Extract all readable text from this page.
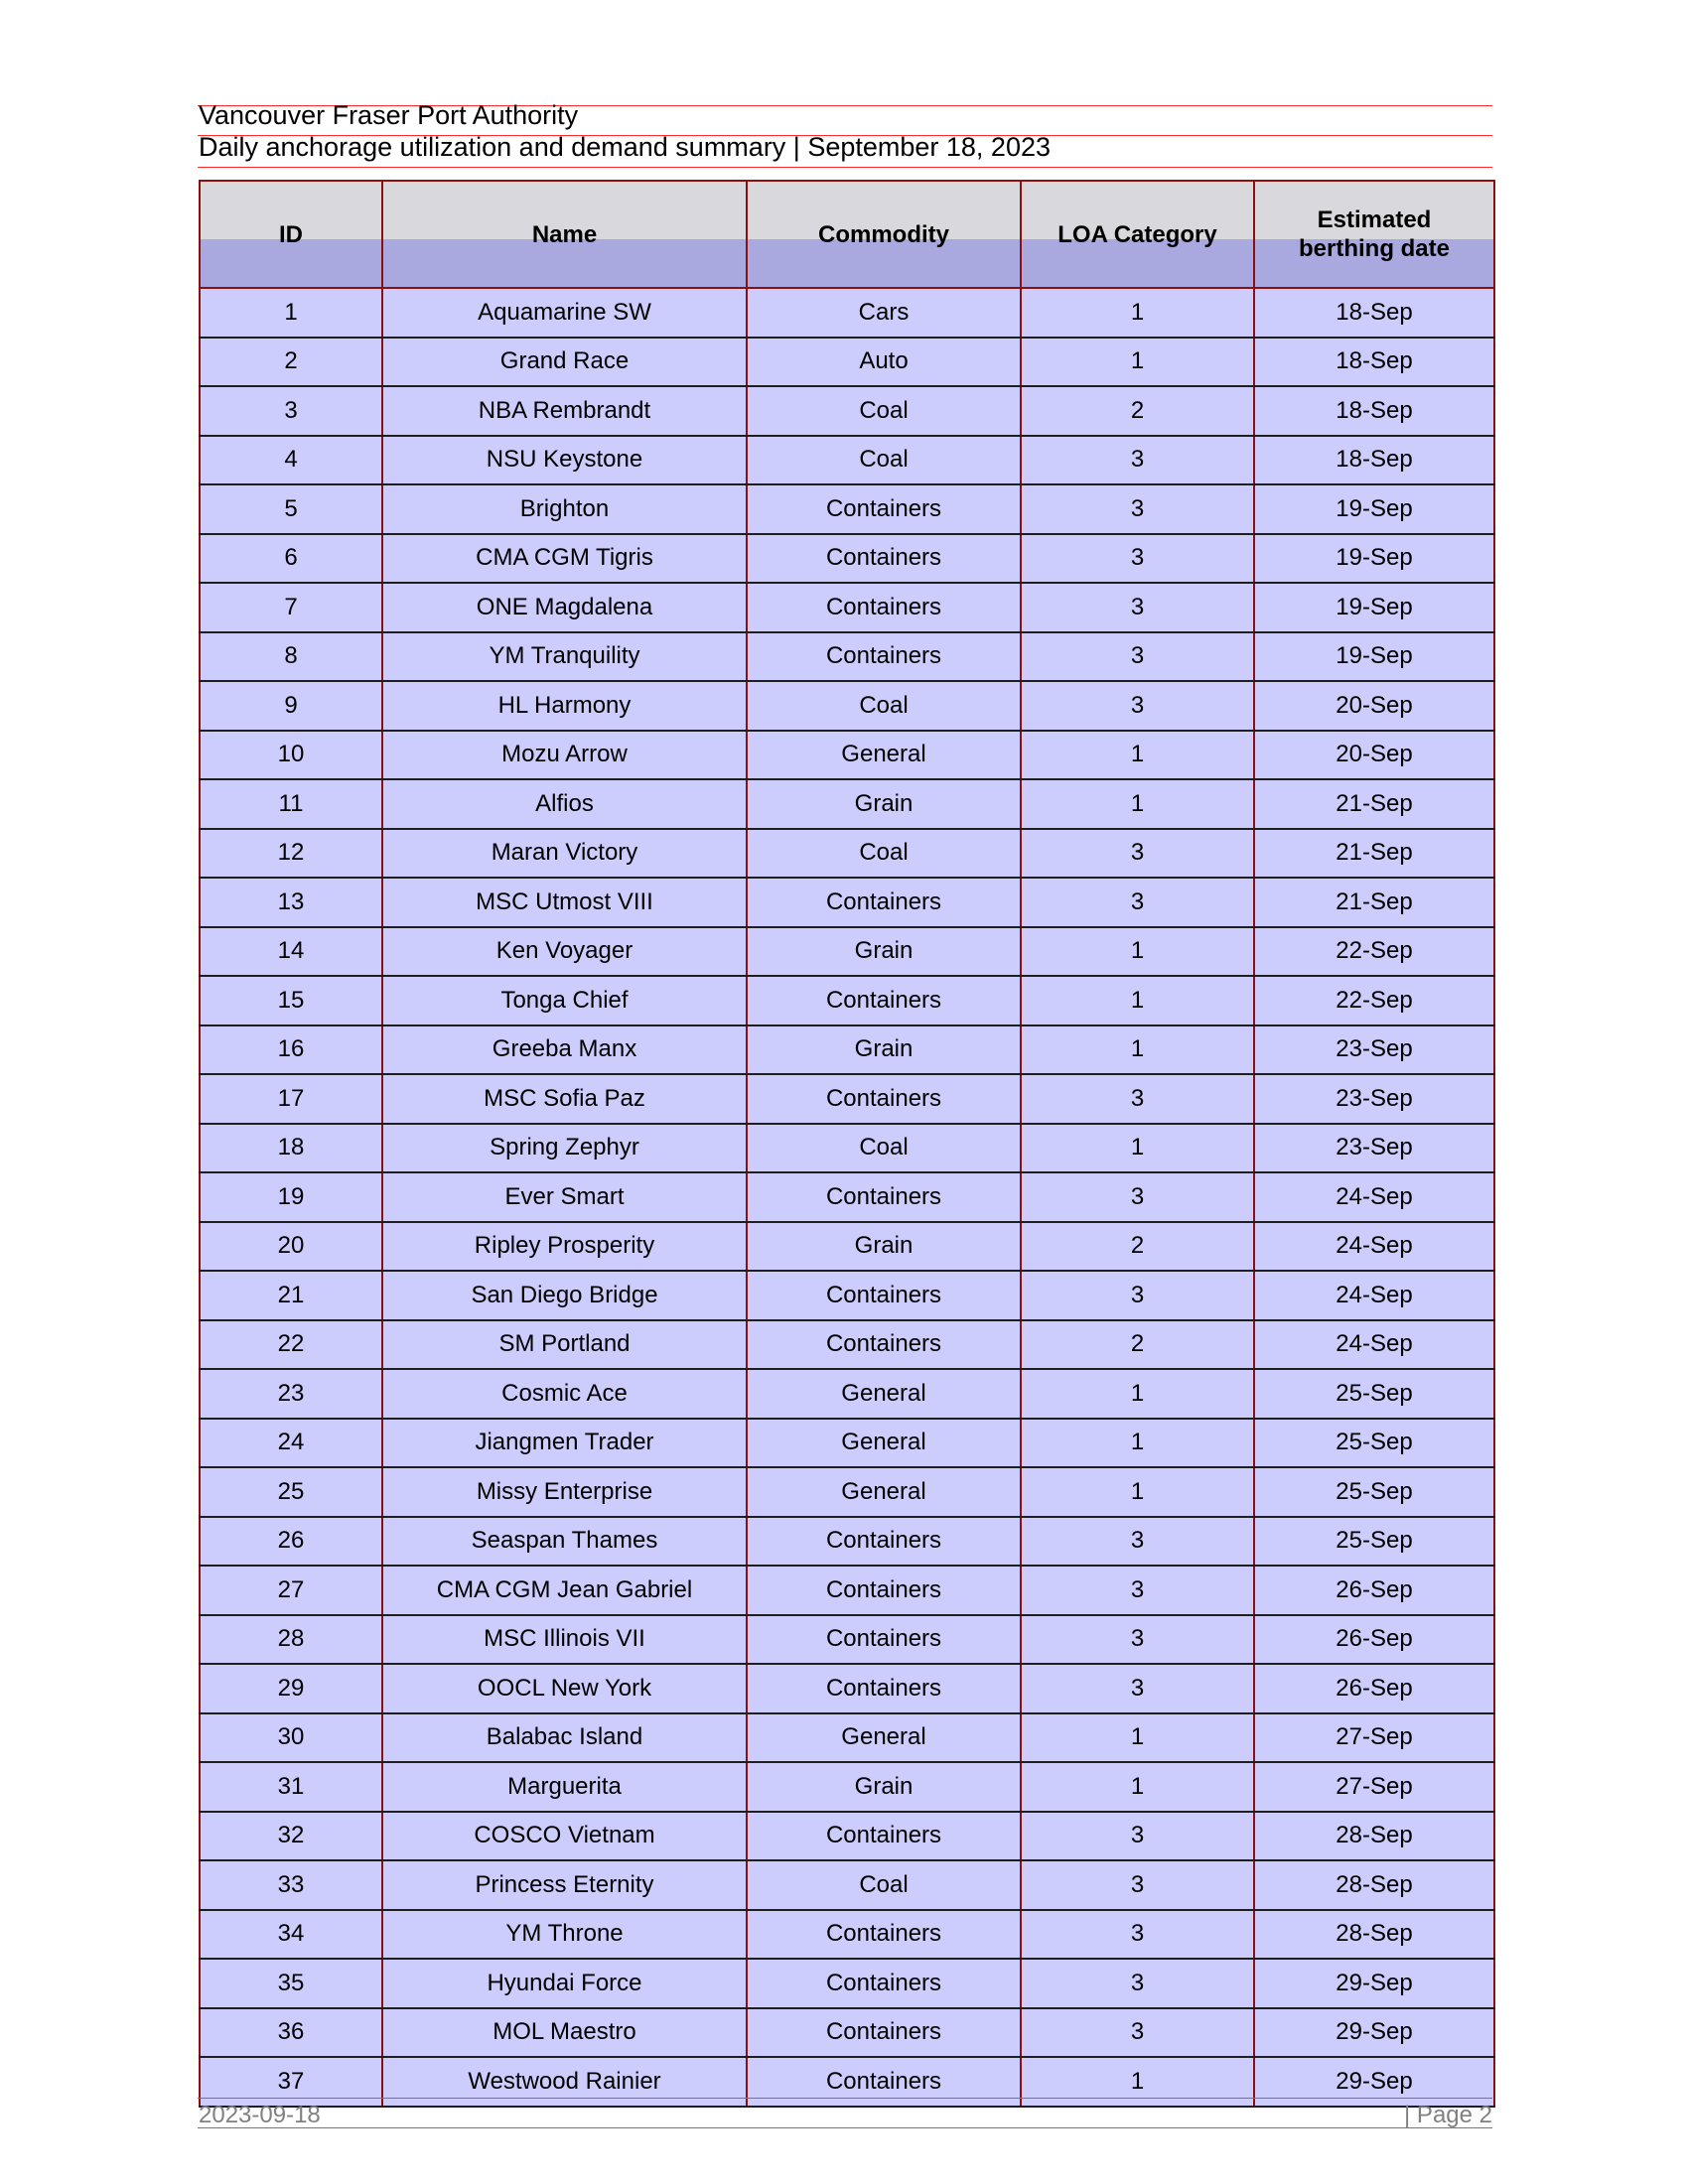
Vancouver Fraser Port Authority
Daily anchorage utilization and demand summary | September 18, 2023
ID	Name	Commodity	LOA Category	Estimated berthing date
1	Aquamarine SW	Cars	1	18-Sep
2	Grand Race	Auto	1	18-Sep
3	NBA Rembrandt	Coal	2	18-Sep
4	NSU Keystone	Coal	3	18-Sep
5	Brighton	Containers	3	19-Sep
6	CMA CGM Tigris	Containers	3	19-Sep
7	ONE Magdalena	Containers	3	19-Sep
8	YM Tranquility	Containers	3	19-Sep
9	HL Harmony	Coal	3	20-Sep
10	Mozu Arrow	General	1	20-Sep
11	Alfios	Grain	1	21-Sep
12	Maran Victory	Coal	3	21-Sep
13	MSC Utmost VIII	Containers	3	21-Sep
14	Ken Voyager	Grain	1	22-Sep
15	Tonga Chief	Containers	1	22-Sep
16	Greeba Manx	Grain	1	23-Sep
17	MSC Sofia Paz	Containers	3	23-Sep
18	Spring Zephyr	Coal	1	23-Sep
19	Ever Smart	Containers	3	24-Sep
20	Ripley Prosperity	Grain	2	24-Sep
21	San Diego Bridge	Containers	3	24-Sep
22	SM Portland	Containers	2	24-Sep
23	Cosmic Ace	General	1	25-Sep
24	Jiangmen Trader	General	1	25-Sep
25	Missy Enterprise	General	1	25-Sep
26	Seaspan Thames	Containers	3	25-Sep
27	CMA CGM Jean Gabriel	Containers	3	26-Sep
28	MSC Illinois VII	Containers	3	26-Sep
29	OOCL New York	Containers	3	26-Sep
30	Balabac Island	General	1	27-Sep
31	Marguerita	Grain	1	27-Sep
32	COSCO Vietnam	Containers	3	28-Sep
33	Princess Eternity	Coal	3	28-Sep
34	YM Throne	Containers	3	28-Sep
35	Hyundai Force	Containers	3	29-Sep
36	MOL Maestro	Containers	3	29-Sep
37	Westwood Rainier	Containers	1	29-Sep
2023-09-18	| Page 2
